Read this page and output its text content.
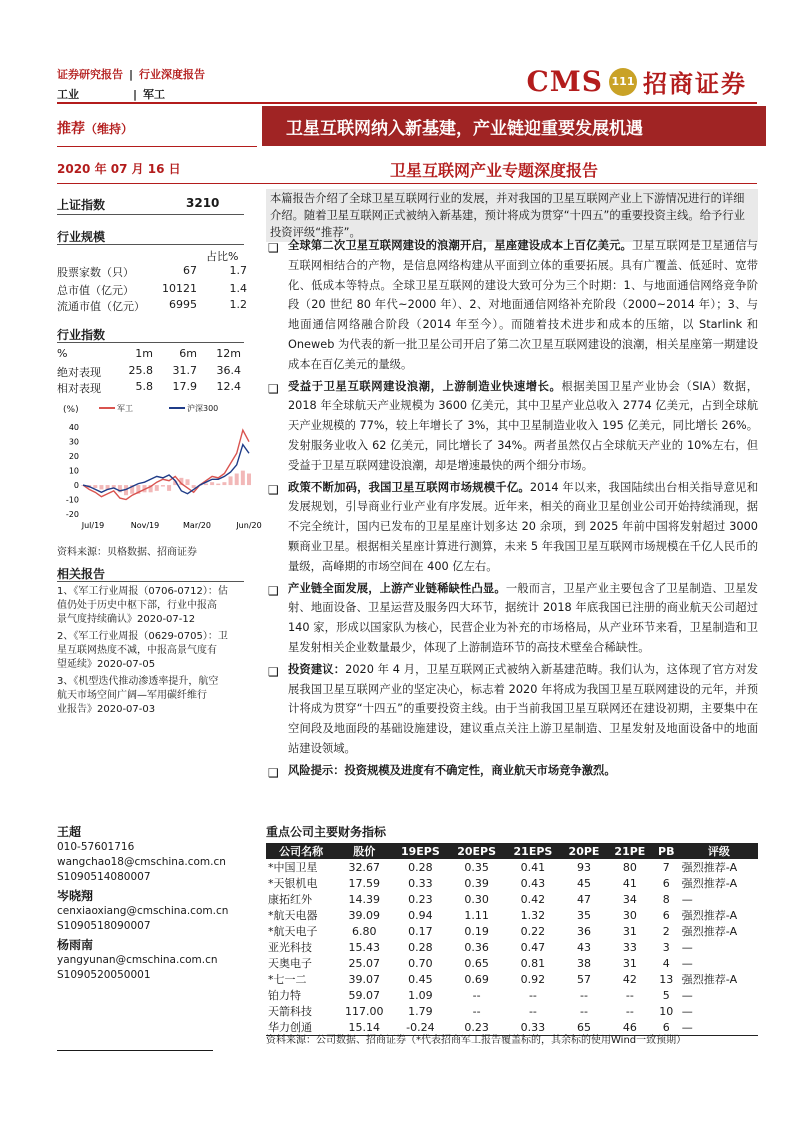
证券研究报告 | 行业深度报告
工业	| 军工	CMS 111 招商证券
推荐（维持）	卫星互联网纳入新基建，产业链迎重要发展机遇
2020 年 07 月 16 日	卫星互联网产业专题深度报告
上证指数	3210
行业规模
占比%
股票家数（只）	67	1.7
总市值（亿元）	10121	1.4
流通市值（亿元）	6995	1.2
行业指数
%	1m	6m	12m
绝对表现	25.8	31.7	36.4
相对表现	5.8	17.9	12.4
(%)	军工	沪深300
40
30
20
10
0
-10
-20
Jul/19	Nov/19	Mar/20	Jun/20
资料来源：贝格数据、招商证券
相关报告
1、《军工行业周报（0706-0712）：估
值仍处于历史中枢下部，行业中报高
景气度持续确认》2020-07-12
2、《军工行业周报（0629-0705）：卫
星互联网热度不减，中报高景气度有
望延续》2020-07-05
3、《机型迭代推动渗透率提升，航空
航天市场空间广阔—军用碳纤维行
业报告》2020-07-03
王超
010-57601716
wangchao18@cmschina.com.cn
S1090514080007
岑晓翔
cenxiaoxiang@cmschina.com.cn
S1090518090007
杨雨南
yangyunan@cmschina.com.cn
S1090520050001
本篇报告介绍了全球卫星互联网行业的发展，并对我国的卫星互联网产业上下游情况进行的详细介绍。随着卫星互联网正式被纳入新基建，预计将成为贯穿“十四五”的重要投资主线。给予行业投资评级“推荐”。
❑ 全球第二次卫星互联网建设的浪潮开启，星座建设成本上百亿美元。卫星互联网是卫星通信与互联网相结合的产物，是信息网络构建从平面到立体的重要拓展。具有广覆盖、低延时、宽带化、低成本等特点。全球卫星互联网的建设大致可分为三个时期：1、与地面通信网络竞争阶段（20 世纪 80 年代~2000 年）、2、对地面通信网络补充阶段（2000~2014 年）；3、与地面通信网络融合阶段（2014 年至今）。而随着技术进步和成本的压缩，以 Starlink 和 Oneweb 为代表的新一批卫星公司开启了第二次卫星互联网建设的浪潮，相关星座第一期建设成本在百亿美元的量级。
❑ 受益于卫星互联网建设浪潮，上游制造业快速增长。根据美国卫星产业协会（SIA）数据，2018 年全球航天产业规模为 3600 亿美元，其中卫星产业总收入 2774 亿美元，占到全球航天产业规模的 77%，较上年增长了 3%，其中卫星制造业收入 195 亿美元，同比增长 26%。发射服务业收入 62 亿美元，同比增长了 34%。两者虽然仅占全球航天产业的 10%左右，但受益于卫星互联网建设浪潮，却是增速最快的两个细分市场。
❑ 政策不断加码，我国卫星互联网市场规模千亿。2014 年以来，我国陆续出台相关指导意见和发展规划，引导商业行业产业有序发展。近年来，相关的商业卫星创业公司开始持续涌现，据不完全统计，国内已发布的卫星星座计划多达 20 余项，到 2025 年前中国将发射超过 3000 颗商业卫星。根据相关星座计算进行测算，未来 5 年我国卫星互联网市场规模在千亿人民币的量级，高峰期的市场空间在 400 亿左右。
❑ 产业链全面发展，上游产业链稀缺性凸显。一般而言，卫星产业主要包含了卫星制造、卫星发射、地面设备、卫星运营及服务四大环节，据统计 2018 年底我国已注册的商业航天公司超过 140 家，形成以国家队为核心，民营企业为补充的市场格局，从产业环节来看，卫星制造和卫星发射相关企业数量最少，体现了上游制造环节的高技术壁垒合稀缺性。
❑ 投资建议：2020 年 4 月，卫星互联网正式被纳入新基建范畴。我们认为，这体现了官方对发展我国卫星互联网产业的坚定决心，标志着 2020 年将成为我国卫星互联网建设的元年，并预计将成为贯穿“十四五”的重要投资主线。由于当前我国卫星互联网还在建设初期，主要集中在空间段及地面段的基础设施建设，建议重点关注上游卫星制造、卫星发射及地面设备中的地面站建设领域。
❑ 风险提示：投资规模及进度有不确定性，商业航天市场竞争激烈。
重点公司主要财务指标
公司名称	股价	19EPS	20EPS	21EPS	20PE	21PE	PB	评级
*中国卫星	32.67	0.28	0.35	0.41	93	80	7	强烈推荐-A
*天银机电	17.59	0.33	0.39	0.43	45	41	6	强烈推荐-A
康拓红外	14.39	0.23	0.30	0.42	47	34	8	—
*航天电器	39.09	0.94	1.11	1.32	35	30	6	强烈推荐-A
*航天电子	6.80	0.17	0.19	0.22	36	31	2	强烈推荐-A
亚光科技	15.43	0.28	0.36	0.47	43	33	3	—
天奥电子	25.07	0.70	0.65	0.81	38	31	4	—
*七一二	39.07	0.45	0.69	0.92	57	42	13	强烈推荐-A
铂力特	59.07	1.09	--	--	--	--	5	—
天箭科技	117.00	1.79	--	--	--	--	10	—
华力创通	15.14	-0.24	0.23	0.33	65	46	6	—
资料来源：公司数据、招商证券（*代表招商军工报告覆盖标的，其余标的使用Wind一致预期）
